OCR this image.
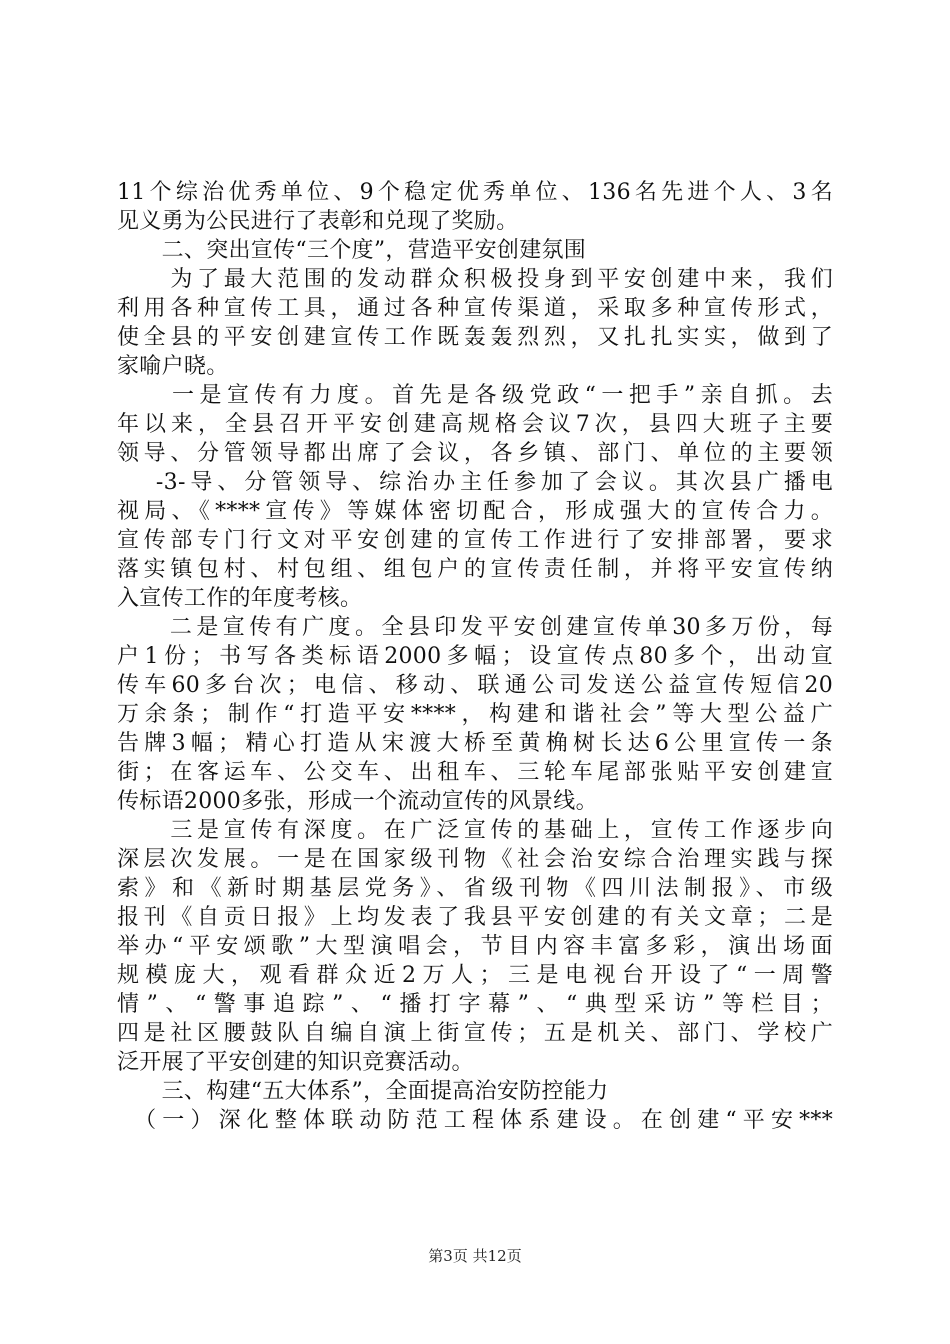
11个综治优秀单位、9个稳定优秀单位、136名先进个人、3名
见义勇为公民进行了表彰和兑现了奖励。
　　二、突出宣传“三个度”，营造平安创建氛围
　　为了最大范围的发动群众积极投身到平安创建中来，我们
利用各种宣传工具，通过各种宣传渠道，采取多种宣传形式，
使全县的平安创建宣传工作既轰轰烈烈，又扎扎实实，做到了
家喻户晓。
　　一是宣传有力度。首先是各级党政“一把手”亲自抓。去
年以来，全县召开平安创建高规格会议7次，县四大班子主要
领导、分管领导都出席了会议，各乡镇、部门、单位的主要领
　 -3-导、分管领导、综治办主任参加了会议。其次县广播电
视局、《****宣传》等媒体密切配合，形成强大的宣传合力。
宣传部专门行文对平安创建的宣传工作进行了安排部署，要求
落实镇包村、村包组、组包户的宣传责任制，并将平安宣传纳
入宣传工作的年度考核。
　　二是宣传有广度。全县印发平安创建宣传单30多万份，每
户1份；书写各类标语2000多幅；设宣传点80多个，出动宣
传车60多台次；电信、移动、联通公司发送公益宣传短信20
万余条；制作“打造平安****，构建和谐社会”等大型公益广
告牌3幅；精心打造从宋渡大桥至黄桷树长达6公里宣传一条
街；在客运车、公交车、出租车、三轮车尾部张贴平安创建宣
传标语2000多张，形成一个流动宣传的风景线。
　　三是宣传有深度。在广泛宣传的基础上，宣传工作逐步向
深层次发展。一是在国家级刊物《社会治安综合治理实践与探
索》和《新时期基层党务》、省级刊物《四川法制报》、市级
报刊《自贡日报》上均发表了我县平安创建的有关文章；二是
举办“平安颂歌”大型演唱会，节目内容丰富多彩，演出场面
规模庞大，观看群众近2万人；三是电视台开设了“一周警
情”、“警事追踪”、“播打字幕”、“典型采访”等栏目；
四是社区腰鼓队自编自演上街宣传；五是机关、部门、学校广
泛开展了平安创建的知识竞赛活动。
　　三、构建“五大体系”，全面提高治安防控能力
　（一）深化整体联动防范工程体系建设。在创建“平安***
第3页 共12页
